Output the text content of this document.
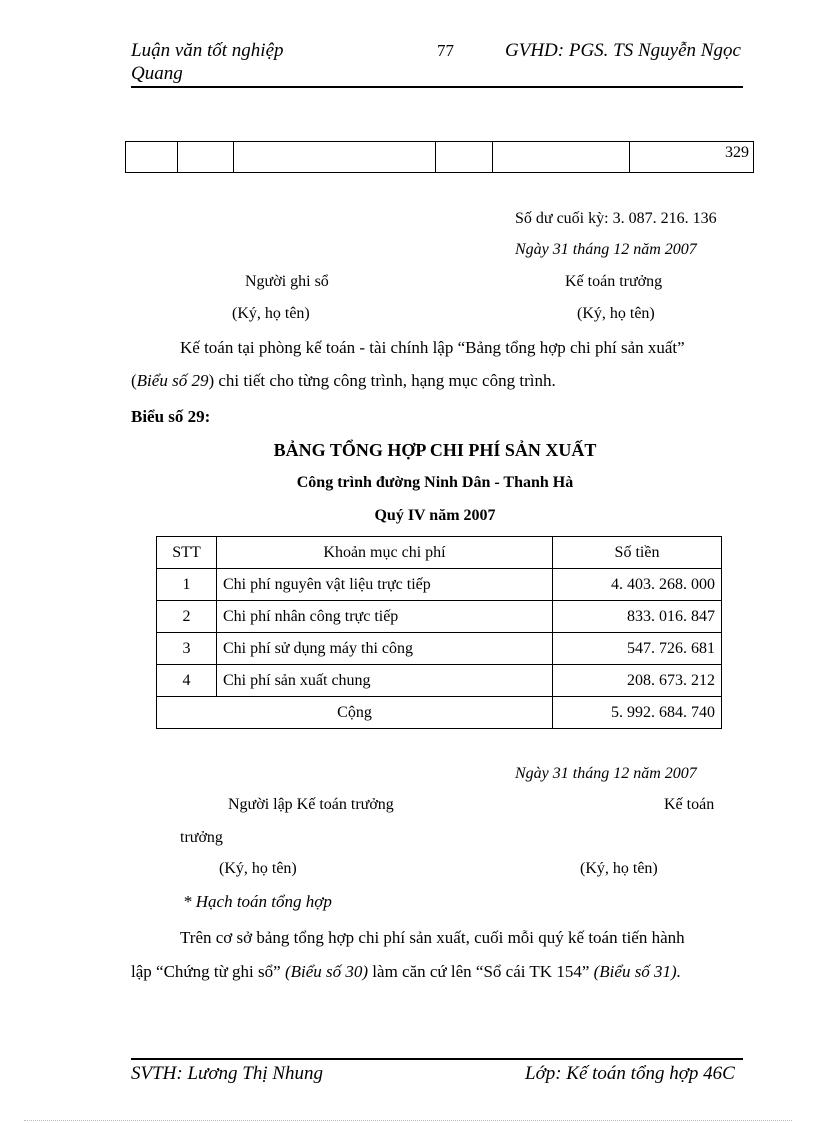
Luận văn tốt nghiệp
Quang
77	GVHD: PGS. TS Nguyễn Ngọc
					329
Số dư cuối kỳ: 3. 087. 216. 136
Ngày 31 tháng 12 năm 2007
Người ghi sổ	Kế toán trưởng
(Ký, họ tên)	(Ký, họ tên)
Kế toán tại phòng kế toán - tài chính lập “Bảng tổng hợp chi phí sản xuất”
(Biểu số 29) chi tiết cho từng công trình, hạng mục công trình.
Biểu số 29:
BẢNG TỔNG HỢP CHI PHÍ SẢN XUẤT
Công trình đường Ninh Dân - Thanh Hà
Quý IV năm 2007
STT	Khoản mục chi phí	Số tiền
1	Chi phí nguyên vật liệu trực tiếp	4. 403. 268. 000
2	Chi phí nhân công trực tiếp	833. 016. 847
3	Chi phí sử dụng máy thi công	547. 726. 681
4	Chi phí sản xuất chung	208. 673. 212
Cộng		5. 992. 684. 740
Ngày 31 tháng 12 năm 2007
Người lập Kế toán trưởng	Kế toán
trưởng
(Ký, họ tên)	(Ký, họ tên)
* Hạch toán tổng hợp
Trên cơ sở bảng tổng hợp chi phí sản xuất, cuối mỗi quý kế toán tiến hành
lập “Chứng từ ghi sổ” (Biểu số 30) làm căn cứ lên “Sổ cái TK 154” (Biểu số 31).
SVTH: Lương Thị Nhung	Lớp: Kế toán tổng hợp 46C
